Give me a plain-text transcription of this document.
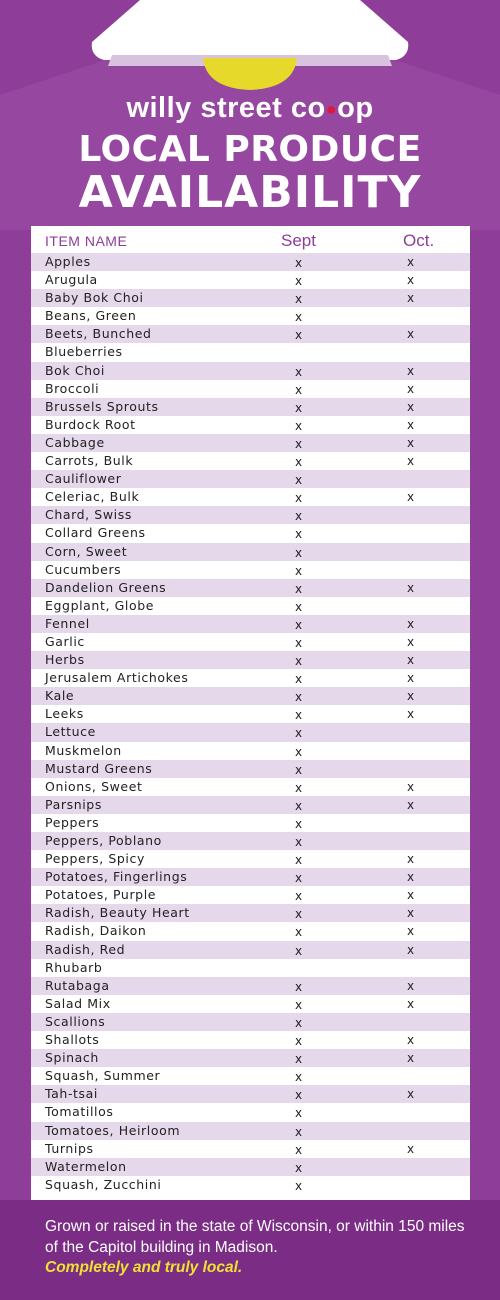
willy street co●op
LOCAL PRODUCE
AVAILABILITY
ITEM NAME	Sept	Oct.
Apples	x	x
Arugula	x	x
Baby Bok Choi	x	x
Beans, Green	x
Beets, Bunched	x	x
Blueberries
Bok Choi	x	x
Broccoli	x	x
Brussels Sprouts	x	x
Burdock Root	x	x
Cabbage	x	x
Carrots, Bulk	x	x
Cauliflower	x
Celeriac, Bulk	x	x
Chard, Swiss	x
Collard Greens	x
Corn, Sweet	x
Cucumbers	x
Dandelion Greens	x	x
Eggplant, Globe	x
Fennel	x	x
Garlic	x	x
Herbs	x	x
Jerusalem Artichokes	x	x
Kale	x	x
Leeks	x	x
Lettuce	x
Muskmelon	x
Mustard Greens	x
Onions, Sweet	x	x
Parsnips	x	x
Peppers	x
Peppers, Poblano	x
Peppers, Spicy	x	x
Potatoes, Fingerlings	x	x
Potatoes, Purple	x	x
Radish, Beauty Heart	x	x
Radish, Daikon	x	x
Radish, Red	x	x
Rhubarb
Rutabaga	x	x
Salad Mix	x	x
Scallions	x
Shallots	x	x
Spinach	x	x
Squash, Summer	x
Tah-tsai	x	x
Tomatillos	x
Tomatoes, Heirloom	x
Turnips	x	x
Watermelon	x
Squash, Zucchini	x
Grown or raised in the state of Wisconsin, or within 150 miles of the Capitol building in Madison.
Completely and truly local.
